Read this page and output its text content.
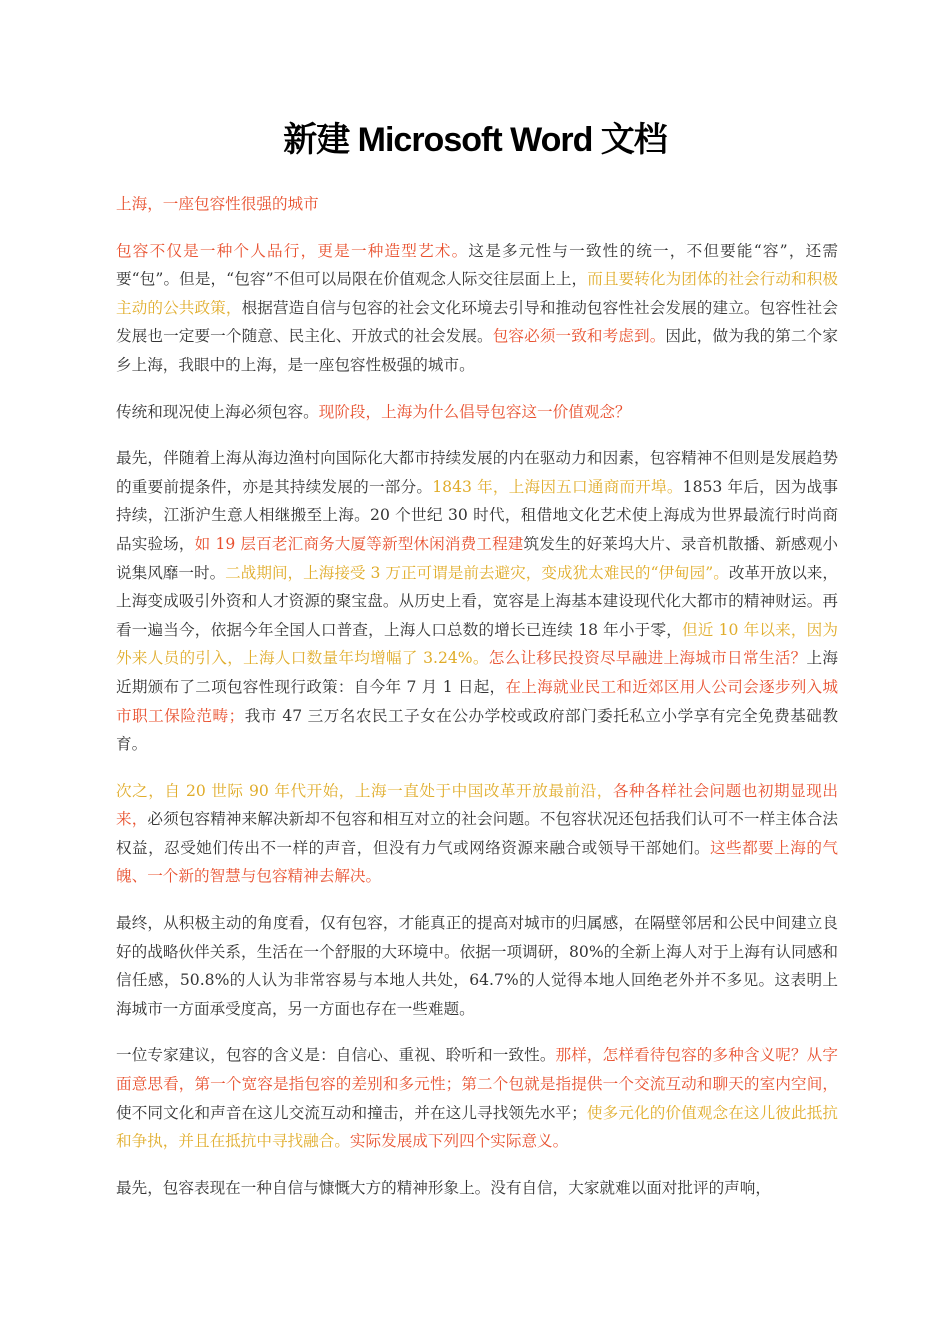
新建 Microsoft Word 文档

上海，一座包容性很强的城市

包容不仅是一种个人品行，更是一种造型艺术。这是多元性与一致性的统一，不但要能“容”，还需要“包”。但是，“包容”不但可以局限在价值观念人际交往层面上上，而且要转化为团体的社会行动和积极主动的公共政策，根据营造自信与包容的社会文化环境去引导和推动包容性社会发展的建立。包容性社会发展也一定要一个随意、民主化、开放式的社会发展。包容必须一致和考虑到。因此，做为我的第二个家乡上海，我眼中的上海，是一座包容性极强的城市。

传统和现况使上海必须包容。现阶段，上海为什么倡导包容这一价值观念？

最先，伴随着上海从海边渔村向国际化大都市持续发展的内在驱动力和因素，包容精神不但则是发展趋势的重要前提条件，亦是其持续发展的一部分。1843 年，上海因五口通商而开埠。1853 年后，因为战事持续，江浙沪生意人相继搬至上海。20 个世纪 30 时代，租借地文化艺术使上海成为世界最流行时尚商品实验场，如 19 层百老汇商务大厦等新型休闲消费工程建筑发生的好莱坞大片、录音机散播、新感观小说集风靡一时。二战期间，上海接受 3 万正可谓是前去避灾，变成犹太难民的“伊甸园”。改革开放以来，上海变成吸引外资和人才资源的聚宝盘。从历史上看，宽容是上海基本建设现代化大都市的精神财运。再看一遍当今，依据今年全国人口普查，上海人口总数的增长已连续 18 年小于零，但近 10 年以来，因为外来人员的引入，上海人口数量年均增幅了 3.24%。怎么让移民投资尽早融进上海城市日常生活？上海近期颁布了二项包容性现行政策：自今年 7 月 1 日起，在上海就业民工和近郊区用人公司会逐步列入城市职工保险范畴；我市 47 三万名农民工子女在公办学校或政府部门委托私立小学享有完全免费基础教育。

次之，自 20 世际 90 年代开始，上海一直处于中国改革开放最前沿，各种各样社会问题也初期显现出来，必须包容精神来解决新却不包容和相互对立的社会问题。不包容状况还包括我们认可不一样主体合法权益，忍受她们传出不一样的声音，但没有力气或网络资源来融合或领导干部她们。这些都要上海的气魄、一个新的智慧与包容精神去解决。

最终，从积极主动的角度看，仅有包容，才能真正的提高对城市的归属感，在隔壁邻居和公民中间建立良好的战略伙伴关系，生活在一个舒服的大环境中。依据一项调研，80%的全新上海人对于上海有认同感和信任感，50.8%的人认为非常容易与本地人共处，64.7%的人觉得本地人回绝老外并不多见。这表明上海城市一方面承受度高，另一方面也存在一些难题。

一位专家建议，包容的含义是：自信心、重视、聆听和一致性。那样，怎样看待包容的多种含义呢？从字面意思看，第一个宽容是指包容的差别和多元性；第二个包就是指提供一个交流互动和聊天的室内空间，使不同文化和声音在这儿交流互动和撞击，并在这儿寻找领先水平；使多元化的价值观念在这儿彼此抵抗和争执，并且在抵抗中寻找融合。实际发展成下列四个实际意义。

最先，包容表现在一种自信与慷慨大方的精神形象上。没有自信，大家就难以面对批评的声响，
